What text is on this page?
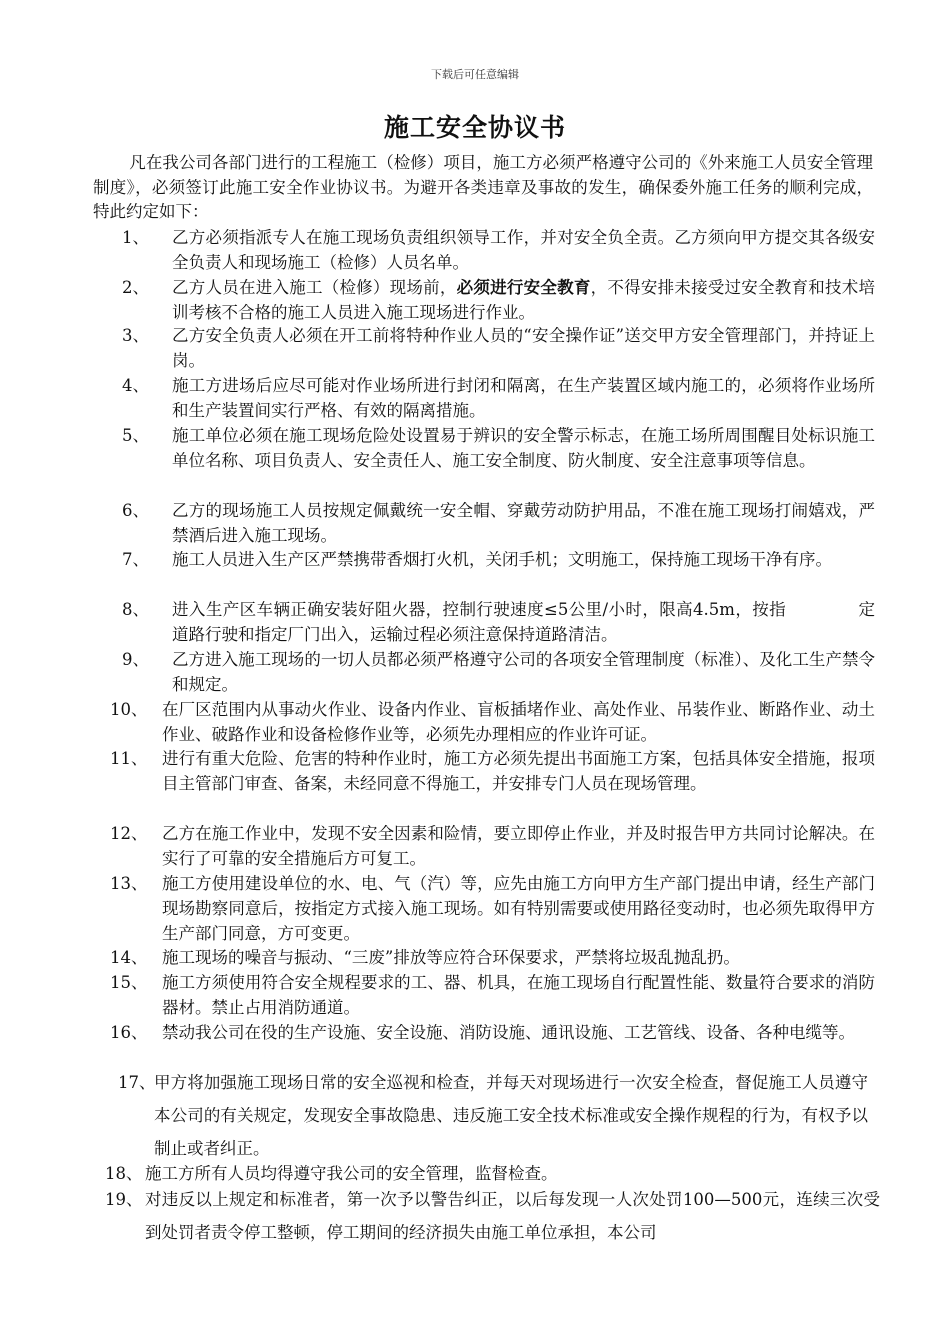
下载后可任意编辑
施工安全协议书
凡在我公司各部门进行的工程施工（检修）项目，施工方必须严格遵守公司的《外来施工人员安全管理制度》，必须签订此施工安全作业协议书。为避开各类违章及事故的发生，确保委外施工任务的顺利完成，特此约定如下：
1、	乙方必须指派专人在施工现场负责组织领导工作，并对安全负全责。乙方须向甲方提交其各级安全负责人和现场施工（检修）人员名单。
2、	乙方人员在进入施工（检修）现场前，必须进行安全教育，不得安排未接受过安全教育和技术培训考核不合格的施工人员进入施工现场进行作业。
3、	乙方安全负责人必须在开工前将特种作业人员的“安全操作证”送交甲方安全管理部门，并持证上岗。
4、	施工方进场后应尽可能对作业场所进行封闭和隔离，在生产装置区域内施工的，必须将作业场所和生产装置间实行严格、有效的隔离措施。
5、	施工单位必须在施工现场危险处设置易于辨识的安全警示标志，在施工场所周围醒目处标识施工单位名称、项目负责人、安全责任人、施工安全制度、防火制度、安全注意事项等信息。
6、	乙方的现场施工人员按规定佩戴统一安全帽、穿戴劳动防护用品，不准在施工现场打闹嬉戏，严禁酒后进入施工现场。
7、	施工人员进入生产区严禁携带香烟打火机，关闭手机；文明施工，保持施工现场干净有序。
8、	进入生产区车辆正确安装好阻火器，控制行驶速度≤5公里/小时，限高4.5m，按指	定道路行驶和指定厂门出入，运输过程必须注意保持道路清洁。
9、	乙方进入施工现场的一切人员都必须严格遵守公司的各项安全管理制度（标准）、及化工生产禁令和规定。
10、 在厂区范围内从事动火作业、设备内作业、盲板插堵作业、高处作业、吊装作业、断路作业、动土作业、破路作业和设备检修作业等，必须先办理相应的作业许可证。
11、 进行有重大危险、危害的特种作业时，施工方必须先提出书面施工方案，包括具体安全措施，报项目主管部门审查、备案，未经同意不得施工，并安排专门人员在现场管理。
12、 乙方在施工作业中，发现不安全因素和险情，要立即停止作业，并及时报告甲方共同讨论解决。在实行了可靠的安全措施后方可复工。
13、 施工方使用建设单位的水、电、气（汽）等，应先由施工方向甲方生产部门提出申请，经生产部门现场勘察同意后，按指定方式接入施工现场。如有特别需要或使用路径变动时，也必须先取得甲方生产部门同意，方可变更。
14、 施工现场的噪音与振动、“三废”排放等应符合环保要求，严禁将垃圾乱抛乱扔。
15、 施工方须使用符合安全规程要求的工、器、机具，在施工现场自行配置性能、数量符合要求的消防器材。禁止占用消防通道。
16、 禁动我公司在役的生产设施、安全设施、消防设施、通讯设施、工艺管线、设备、各种电缆等。
17、
甲方将加强施工现场日常的安全巡视和检查，并每天对现场进行一次安全检查，督促施工人员遵守本公司的有关规定，发现安全事故隐患、违反施工安全技术标准或安全操作规程的行为，有权予以制止或者纠正。
18、 施工方所有人员均得遵守我公司的安全管理，监督检查。
19、 对违反以上规定和标准者，第一次予以警告纠正，以后每发现一人次处罚100—500元，连续三次受到处罚者责令停工整顿，停工期间的经济损失由施工单位承担，本公司
